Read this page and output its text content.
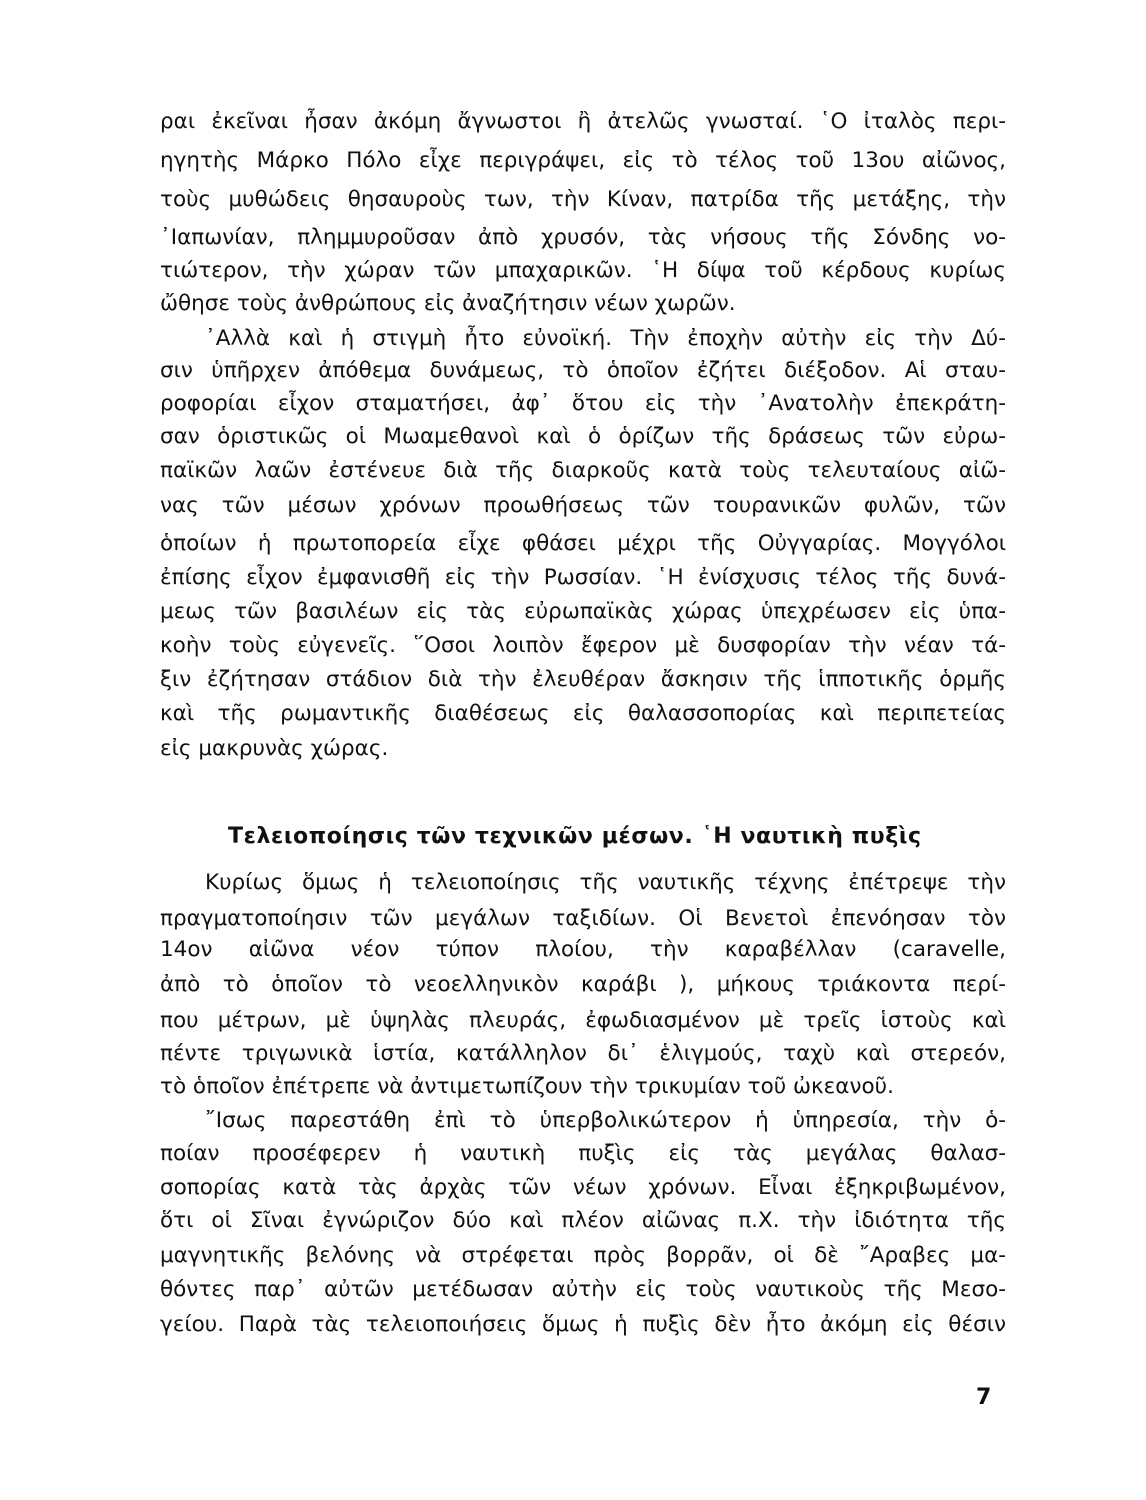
ραι ἐκεῖναι ἦσαν ἀκόμη ἄγνωστοι ἢ ἀτελῶς γνωσταί. ῾Ο ἰταλὸς περι-

ηγητὴς Μάρκο Πόλο εἶχε περιγράψει, εἰς τὸ τέλος τοῦ 13ου αἰῶνος,

τοὺς μυθώδεις θησαυροὺς των, τὴν Κίναν, πατρίδα τῆς μετάξης, τὴν

᾿Ιαπωνίαν, πλημμυροῦσαν ἀπὸ χρυσόν, τὰς νήσους τῆς Σόνδης νο-

τιώτερον, τὴν χώραν τῶν μπαχαρικῶν. ῾Η δίψα τοῦ κέρδους κυρίως

ὤθησε τοὺς ἀνθρώπους εἰς ἀναζήτησιν νέων χωρῶν.

᾿Αλλὰ καὶ ἡ στιγμὴ ἦτο εὐνοϊκή. Τὴν ἐποχὴν αὐτὴν εἰς τὴν Δύ-

σιν ὑπῆρχεν ἀπόθεμα δυνάμεως, τὸ ὁποῖον ἐζήτει διέξοδον. Αἱ σταυ-

ροφορίαι εἶχον σταματήσει, ἀφ᾿ ὅτου εἰς τὴν ᾿Ανατολὴν ἐπεκράτη-

σαν ὁριστικῶς οἱ Μωαμεθανοὶ καὶ ὁ ὁρίζων τῆς δράσεως τῶν εὐρω-

παϊκῶν λαῶν ἐστένευε διὰ τῆς διαρκοῦς κατὰ τοὺς τελευταίους αἰῶ-

νας τῶν μέσων χρόνων προωθήσεως τῶν τουρανικῶν φυλῶν, τῶν

ὁποίων ἡ πρωτοπορεία εἶχε φθάσει μέχρι τῆς Οὐγγαρίας. Μογγόλοι

ἐπίσης εἶχον ἐμφανισθῆ εἰς τὴν Ρωσσίαν. ῾Η ἐνίσχυσις τέλος τῆς δυνά-

μεως τῶν βασιλέων εἰς τὰς εὐρωπαϊκὰς χώρας ὑπεχρέωσεν εἰς ὑπα-

κοὴν τοὺς εὐγενεῖς. ῞Οσοι λοιπὸν ἔφερον μὲ δυσφορίαν τὴν νέαν τά-

ξιν ἐζήτησαν στάδιον διὰ τὴν ἐλευθέραν ἄσκησιν τῆς ἱπποτικῆς ὁρμῆς

καὶ τῆς ρωμαντικῆς διαθέσεως εἰς θαλασσοπορίας καὶ περιπετείας

εἰς μακρυνὰς χώρας.

Τελειοποίησις τῶν τεχνικῶν μέσων. ῾Η ναυτικὴ πυξὶς

Κυρίως ὅμως ἡ τελειοποίησις τῆς ναυτικῆς τέχνης ἐπέτρεψε τὴν

πραγματοποίησιν τῶν μεγάλων ταξιδίων. Οἱ Βενετοὶ ἐπενόησαν τὸν

14ον αἰῶνα νέον τύπον πλοίου, τὴν καραβέλλαν (caravelle,

ἀπὸ τὸ ὁποῖον τὸ νεοελληνικὸν καράβι ), μήκους τριάκοντα περί-

που μέτρων, μὲ ὑψηλὰς πλευράς, ἐφωδιασμένον μὲ τρεῖς ἱστοὺς καὶ

πέντε τριγωνικὰ ἱστία, κατάλληλον δι᾿ ἑλιγμούς, ταχὺ καὶ στερεόν,

τὸ ὁποῖον ἐπέτρεπε νὰ ἀντιμετωπίζουν τὴν τρικυμίαν τοῦ ὠκεανοῦ.

῎Ισως παρεστάθη ἐπὶ τὸ ὑπερβολικώτερον ἡ ὑπηρεσία, τὴν ὁ-

ποίαν προσέφερεν ἡ ναυτικὴ πυξὶς εἰς τὰς μεγάλας θαλασ-

σοπορίας κατὰ τὰς ἀρχὰς τῶν νέων χρόνων. Εἶναι ἐξηκριβωμένον,

ὅτι οἱ Σῖναι ἐγνώριζον δύο καὶ πλέον αἰῶνας π.Χ. τὴν ἰδιότητα τῆς

μαγνητικῆς βελόνης νὰ στρέφεται πρὸς βορρᾶν, οἱ δὲ ῎Αραβες μα-

θόντες παρ᾿ αὐτῶν μετέδωσαν αὐτὴν εἰς τοὺς ναυτικοὺς τῆς Μεσο-

γείου. Παρὰ τὰς τελειοποιήσεις ὅμως ἡ πυξὶς δὲν ἦτο ἀκόμη εἰς θέσιν

7
